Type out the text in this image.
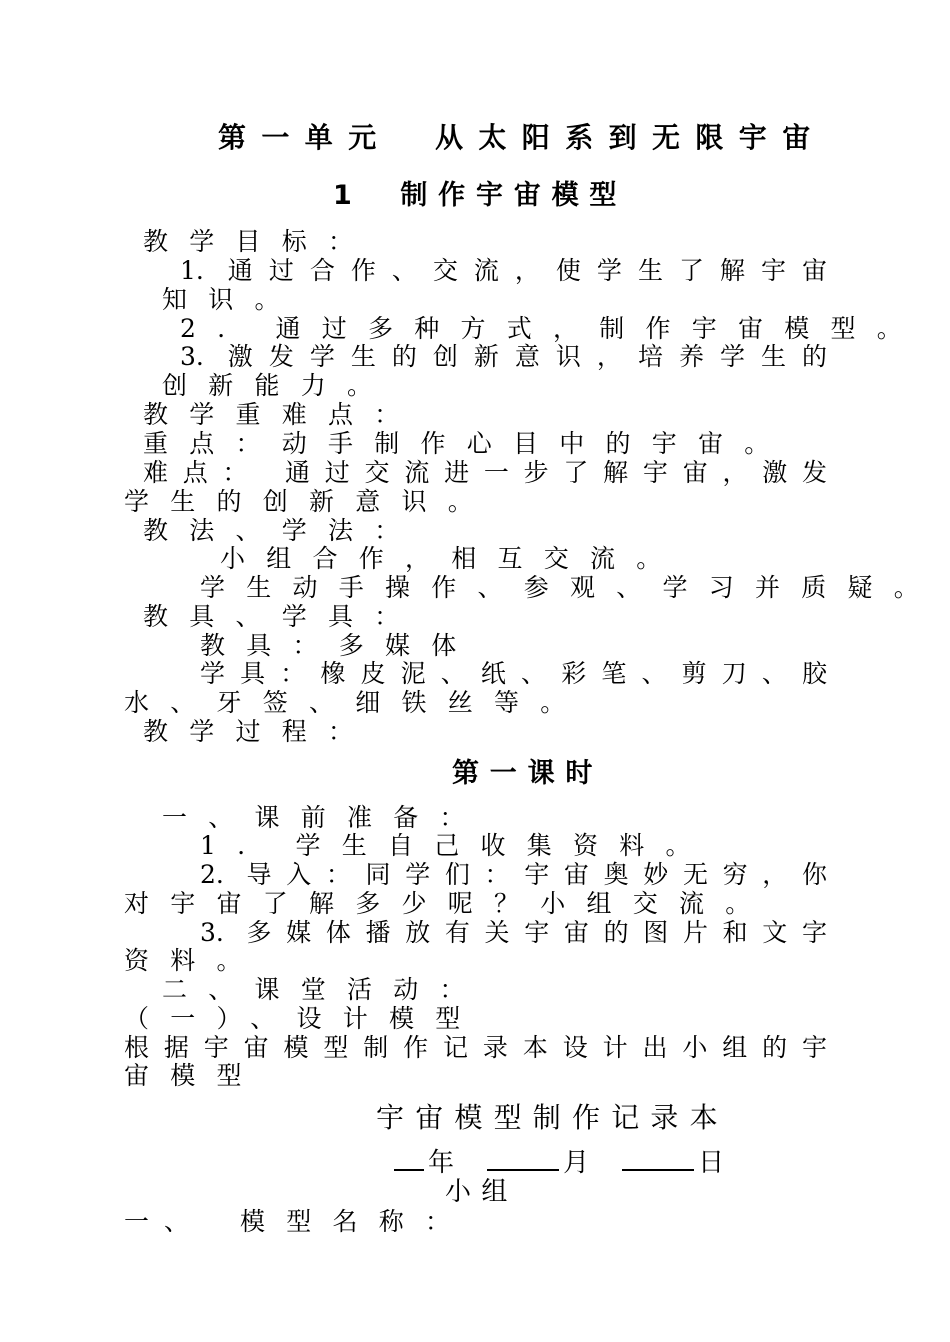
第一单元　从太阳系到无限宇宙
1　制作宇宙模型
教学目标：
1. 通过合作、交流，使学生了解宇宙
知识。
2. 通过多种方式，制作宇宙模型。
3. 激发学生的创新意识，培养学生的
创新能力。
教学重难点：
重点：动手制作心目中的宇宙。
难点： 通过交流进一步了解宇宙，激发
学生的创新意识。
教法、学法：
小组合作，相互交流。
学生动手操作、参观、学习并质疑。
教具、学具：
教具：多媒体
学具：橡皮泥、纸、彩笔、剪刀、胶
水、牙签、细铁丝等。
教学过程：
第一课时
一、课前准备：
1. 学生自己收集资料。
2. 导入：同学们：宇宙奥妙无穷，你
对宇宙了解多少呢？小组交流。
3. 多媒体播放有关宇宙的图片和文字
资料。
二、课堂活动：
（一）、设计模型
根据宇宙模型制作记录本设计出小组的宇
宙模型
宇宙模型制作记录本
年	月	日
小组
一、 模型名称：
